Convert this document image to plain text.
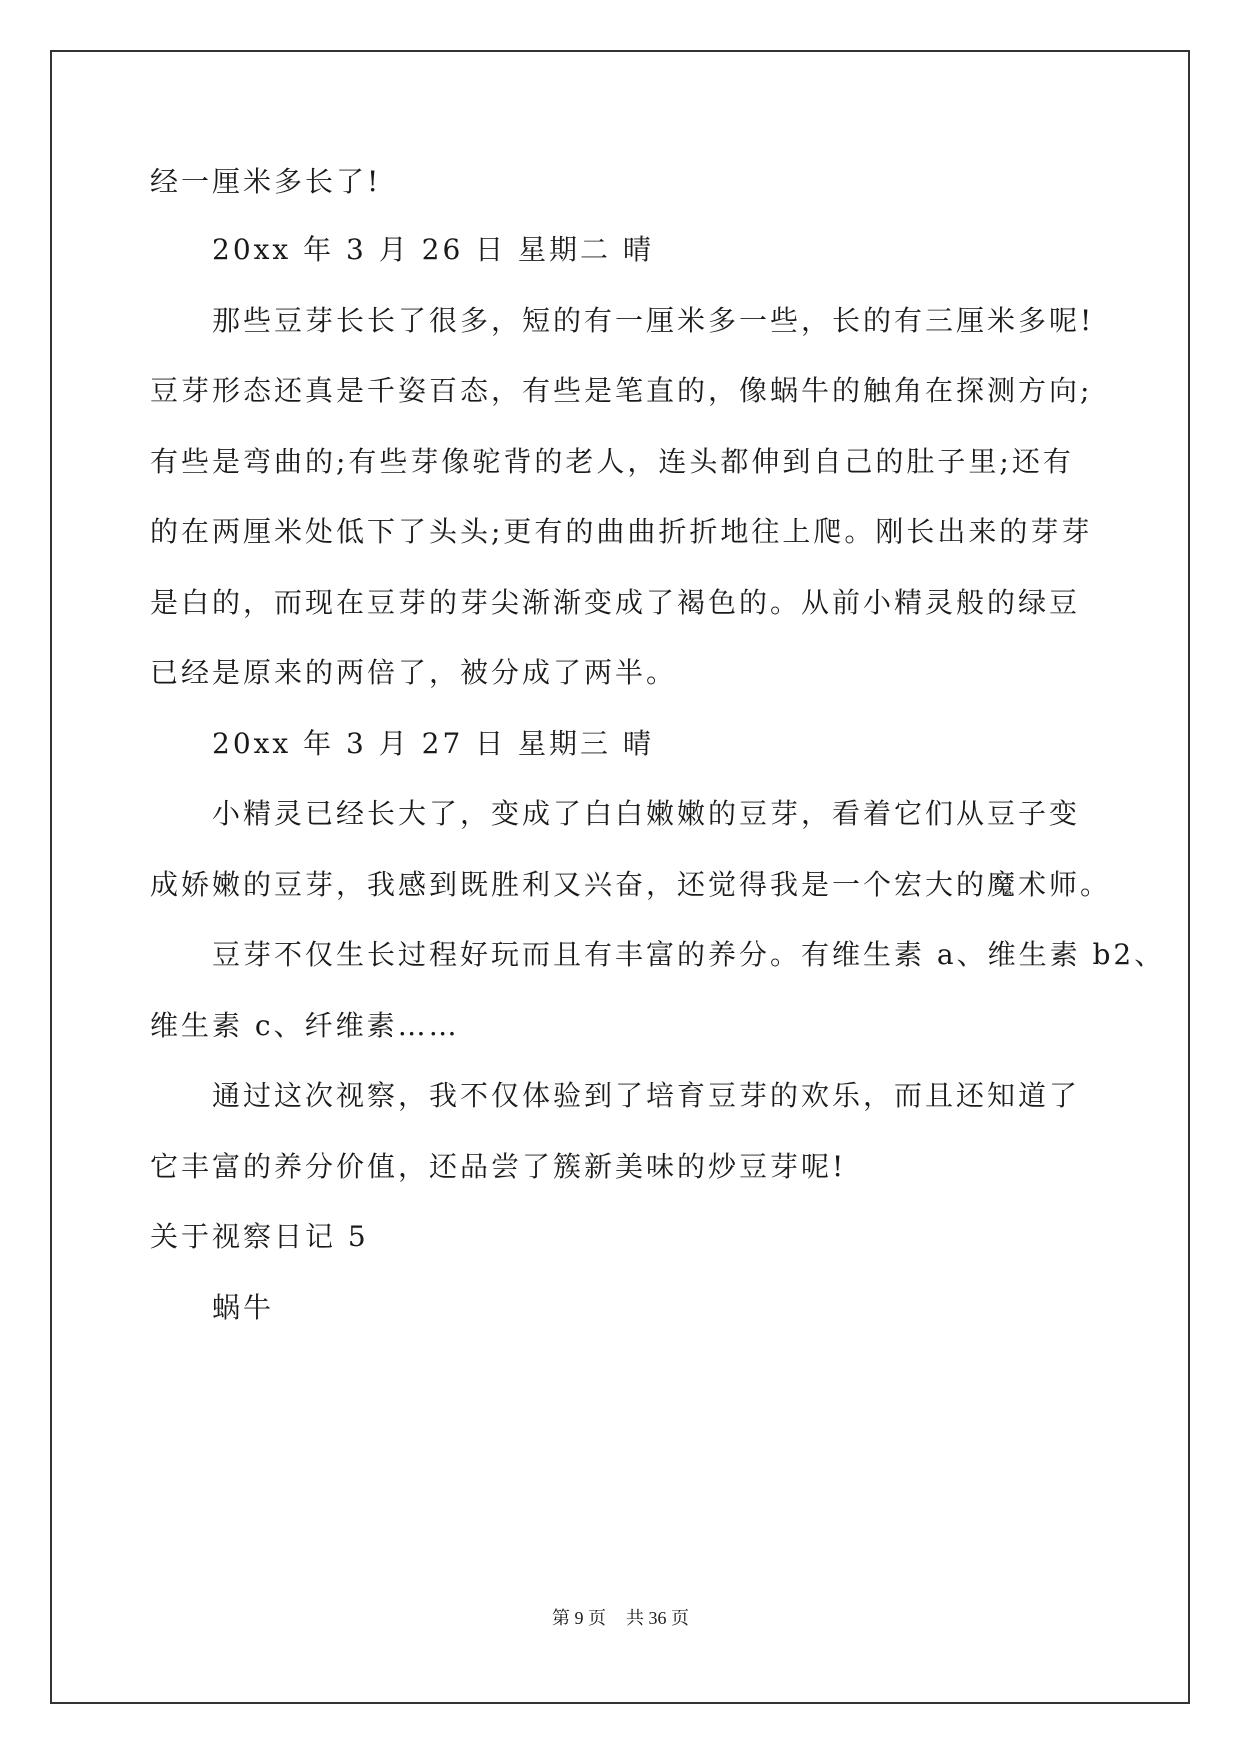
经一厘米多长了!
20xx 年 3 月 26 日 星期二 晴
那些豆芽长长了很多，短的有一厘米多一些，长的有三厘米多呢!
豆芽形态还真是千姿百态，有些是笔直的，像蜗牛的触角在探测方向;
有些是弯曲的;有些芽像驼背的老人，连头都伸到自己的肚子里;还有
的在两厘米处低下了头头;更有的曲曲折折地往上爬。刚长出来的芽芽
是白的，而现在豆芽的芽尖渐渐变成了褐色的。从前小精灵般的绿豆
已经是原来的两倍了，被分成了两半。
20xx 年 3 月 27 日 星期三 晴
小精灵已经长大了，变成了白白嫩嫩的豆芽，看着它们从豆子变
成娇嫩的豆芽，我感到既胜利又兴奋，还觉得我是一个宏大的魔术师。
豆芽不仅生长过程好玩而且有丰富的养分。有维生素 a、维生素 b2、
维生素 c、纤维素……
通过这次视察，我不仅体验到了培育豆芽的欢乐，而且还知道了
它丰富的养分价值，还品尝了簇新美味的炒豆芽呢!
关于视察日记 5
蜗牛
第 9 页 共 36 页
